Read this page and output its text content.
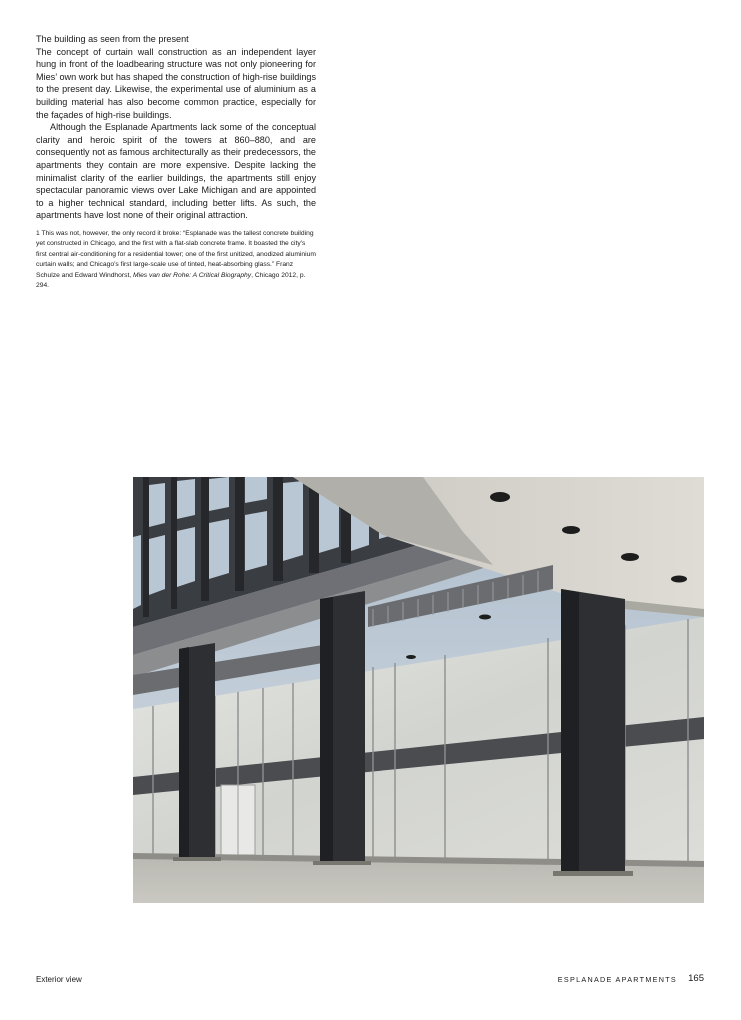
The building as seen from the present

The concept of curtain wall construction as an independent layer hung in front of the loadbearing structure was not only pioneering for Mies’ own work but has shaped the construction of high-rise buildings to the present day. Likewise, the experimental use of aluminium as a building material has also become common practice, especially for the façades of high-rise buildings.

Although the Esplanade Apartments lack some of the conceptual clarity and heroic spirit of the towers at 860–880, and are consequently not as famous architecturally as their predecessors, the apartments they contain are more expensive. Despite lacking the minimalist clarity of the earlier buildings, the apartments still enjoy spectacular panoramic views over Lake Michigan and are appointed to a higher technical standard, including better lifts. As such, the apartments have lost none of their original attraction.

1 This was not, however, the only record it broke: “Esplanade was the tallest concrete building yet constructed in Chicago, and the first with a flat-slab concrete frame. It boasted the city’s first central air-conditioning for a residential tower; one of the first unitized, anodized aluminium curtain walls; and Chicago’s first large-scale use of tinted, heat-absorbing glass.” Franz Schulze and Edward Windhorst, Mies van der Rohe: A Critical Biography, Chicago 2012, p. 294.

Exterior view	ESPLANADE APARTMENTS 165
